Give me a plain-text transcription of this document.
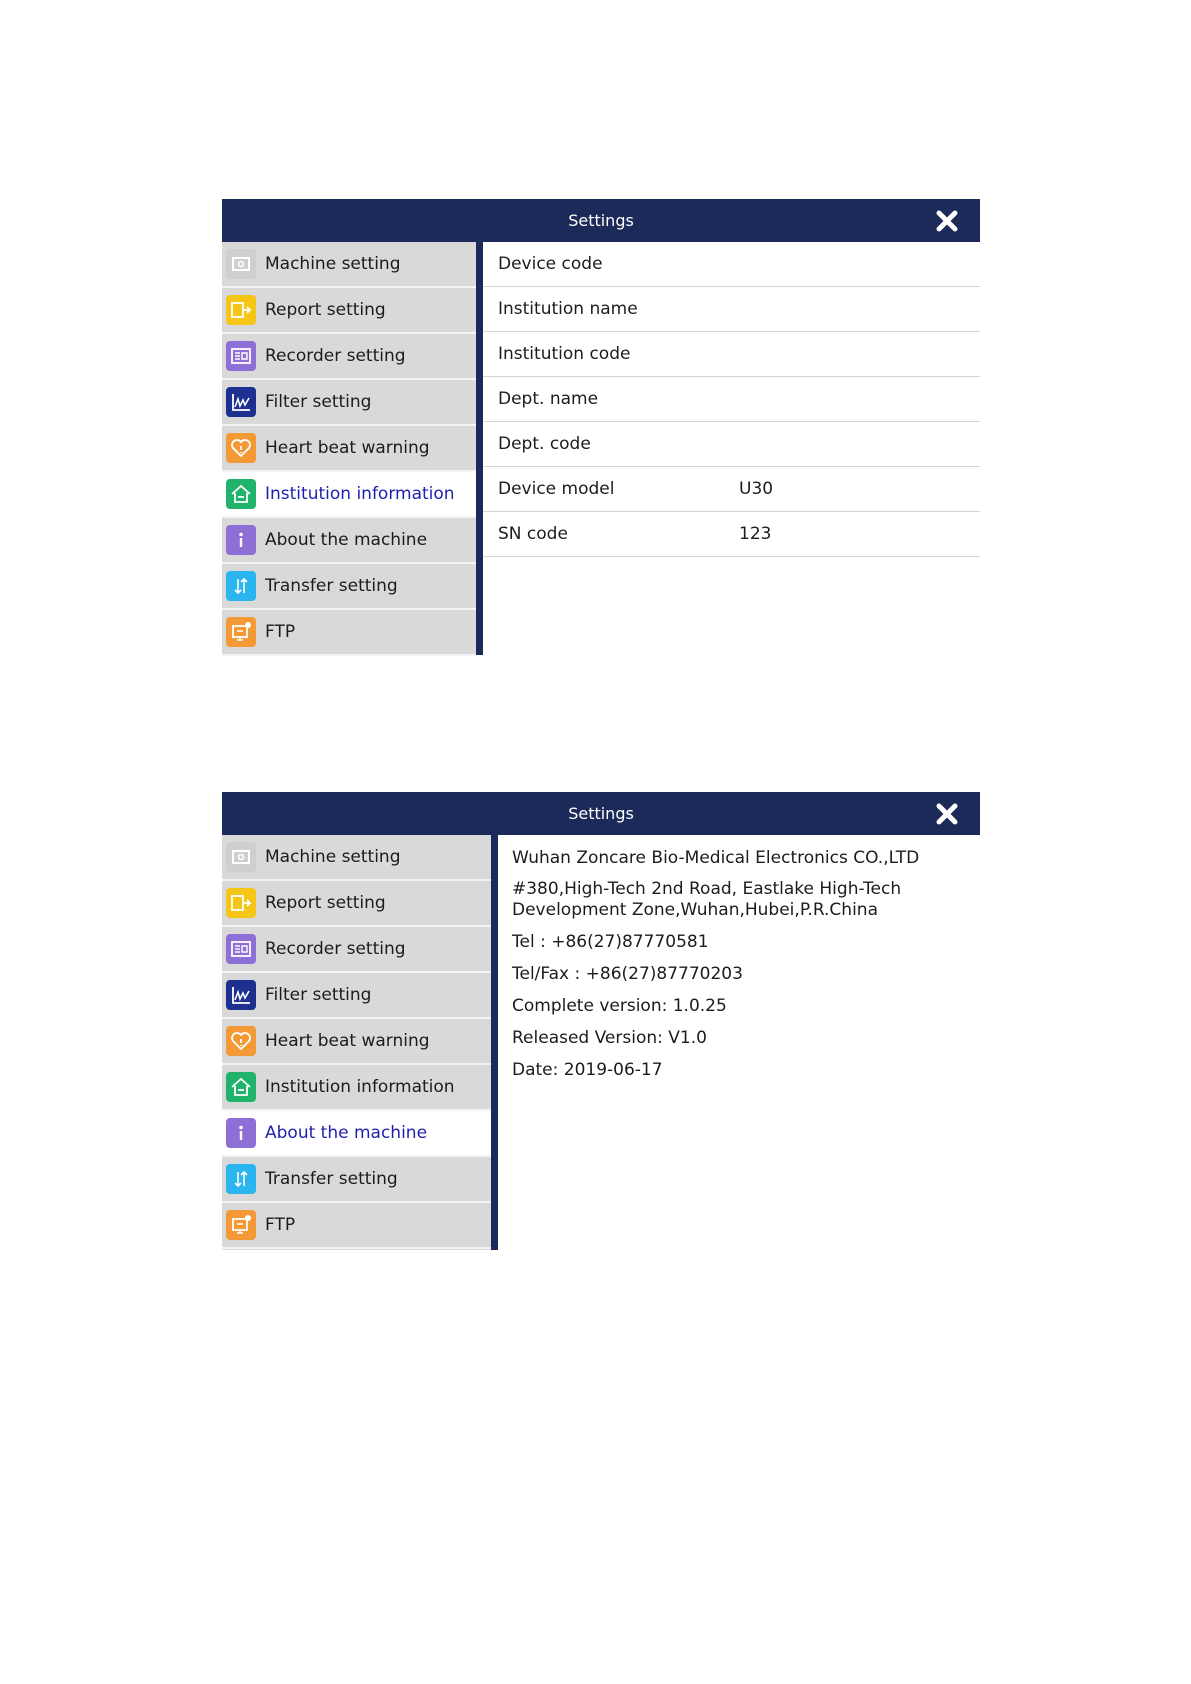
Settings
Machine setting
Report setting
Recorder setting
Filter setting
Heart beat warning
Institution information
About the machine
Transfer setting
FTP
Device code
Institution name
Institution code
Dept. name
Dept. code
Device model	U30
SN code	123
Settings
Machine setting
Report setting
Recorder setting
Filter setting
Heart beat warning
Institution information
About the machine
Transfer setting
FTP
Wuhan Zoncare Bio-Medical Electronics CO.,LTD
#380,High-Tech 2nd Road, Eastlake High-Tech
Development Zone,Wuhan,Hubei,P.R.China
Tel : +86(27)87770581
Tel/Fax : +86(27)87770203
Complete version: 1.0.25
Released Version: V1.0
Date: 2019-06-17
